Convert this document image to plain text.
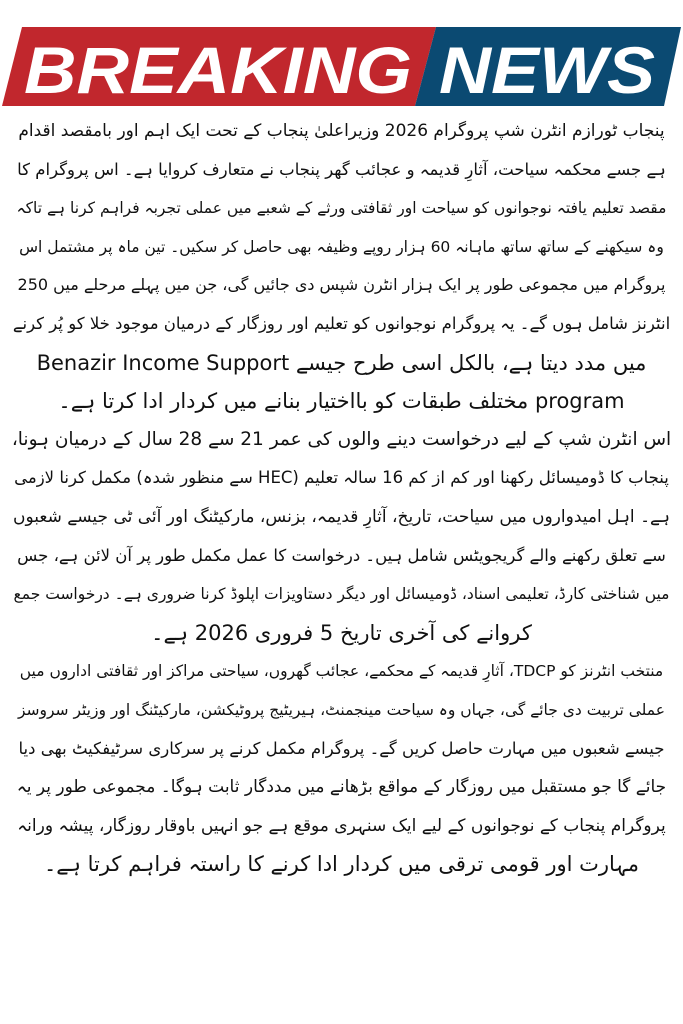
BREAKING NEWS
پنجاب ٹورازم انٹرن شپ پروگرام 2026 وزیراعلیٰ پنجاب کے تحت ایک اہم اور بامقصد اقدام
ہے جسے محکمہ سیاحت، آثارِ قدیمہ و عجائب گھر پنجاب نے متعارف کروایا ہے۔ اس پروگرام کا
مقصد تعلیم یافتہ نوجوانوں کو سیاحت اور ثقافتی ورثے کے شعبے میں عملی تجربہ فراہم کرنا ہے تاکہ
وہ سیکھنے کے ساتھ ساتھ ماہانہ 60 ہزار روپے وظیفہ بھی حاصل کر سکیں۔ تین ماہ پر مشتمل اس
پروگرام میں مجموعی طور پر ایک ہزار انٹرن شپس دی جائیں گی، جن میں پہلے مرحلے میں 250
انٹرنز شامل ہوں گے۔ یہ پروگرام نوجوانوں کو تعلیم اور روزگار کے درمیان موجود خلا کو پُر کرنے
میں مدد دیتا ہے، بالکل اسی طرح جیسے Benazir Income Support
program مختلف طبقات کو بااختیار بنانے میں کردار ادا کرتا ہے۔
اس انٹرن شپ کے لیے درخواست دینے والوں کی عمر 21 سے 28 سال کے درمیان ہونا،
پنجاب کا ڈومیسائل رکھنا اور کم از کم 16 سالہ تعلیم (HEC سے منظور شدہ) مکمل کرنا لازمی
ہے۔ اہل امیدواروں میں سیاحت، تاریخ، آثارِ قدیمہ، بزنس، مارکیٹنگ اور آئی ٹی جیسے شعبوں
سے تعلق رکھنے والے گریجویٹس شامل ہیں۔ درخواست کا عمل مکمل طور پر آن لائن ہے، جس
میں شناختی کارڈ، تعلیمی اسناد، ڈومیسائل اور دیگر دستاویزات اپلوڈ کرنا ضروری ہے۔ درخواست جمع
کروانے کی آخری تاریخ 5 فروری 2026 ہے۔
منتخب انٹرنز کو TDCP، آثارِ قدیمہ کے محکمے، عجائب گھروں، سیاحتی مراکز اور ثقافتی اداروں میں
عملی تربیت دی جائے گی، جہاں وہ سیاحت مینجمنٹ، ہیریٹیج پروٹیکشن، مارکیٹنگ اور وزیٹر سروسز
جیسے شعبوں میں مہارت حاصل کریں گے۔ پروگرام مکمل کرنے پر سرکاری سرٹیفکیٹ بھی دیا
جائے گا جو مستقبل میں روزگار کے مواقع بڑھانے میں مددگار ثابت ہوگا۔ مجموعی طور پر یہ
پروگرام پنجاب کے نوجوانوں کے لیے ایک سنہری موقع ہے جو انہیں باوقار روزگار، پیشہ ورانہ
مہارت اور قومی ترقی میں کردار ادا کرنے کا راستہ فراہم کرتا ہے۔
